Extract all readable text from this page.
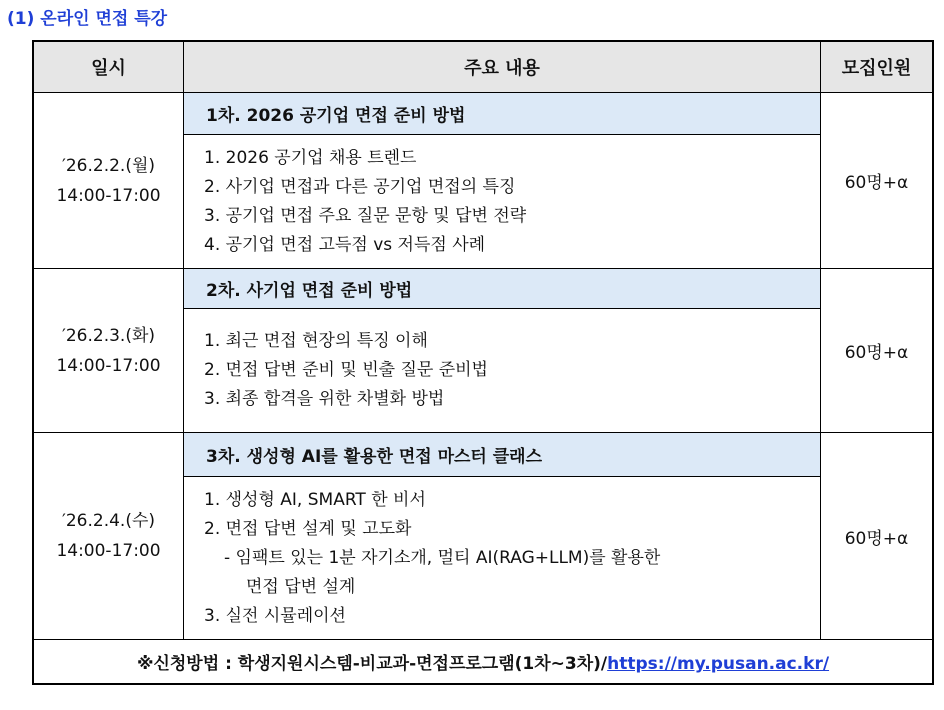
(1) 온라인 면접 특강
일시	주요 내용	모집인원

′26.2.2.(월)
14:00-17:00	1차. 2026 공기업 면접 준비 방법	60명+α

	1. 2026 공기업 채용 트렌드
2. 사기업 면접과 다른 공기업 면접의 특징
3. 공기업 면접 주요 질문 문항 및 답변 전략
4. 공기업 면접 고득점 vs 저득점 사례	

′26.2.3.(화)
14:00-17:00	2차. 사기업 면접 준비 방법	60명+α

	1. 최근 면접 현장의 특징 이해
2. 면접 답변 준비 및 빈출 질문 준비법
3. 최종 합격을 위한 차별화 방법	

′26.2.4.(수)
14:00-17:00	3차. 생성형 AI를 활용한 면접 마스터 클래스	60명+α

	1. 생성형 AI, SMART 한 비서
2. 면접 답변 설계 및 고도화
- 임팩트 있는 1분 자기소개, 멀티 AI(RAG+LLM)를 활용한
면접 답변 설계
3. 실전 시뮬레이션	

※신청방법 : 학생지원시스템-비교과-면접프로그램(1차~3차)/https://my.pusan.ac.kr/		
